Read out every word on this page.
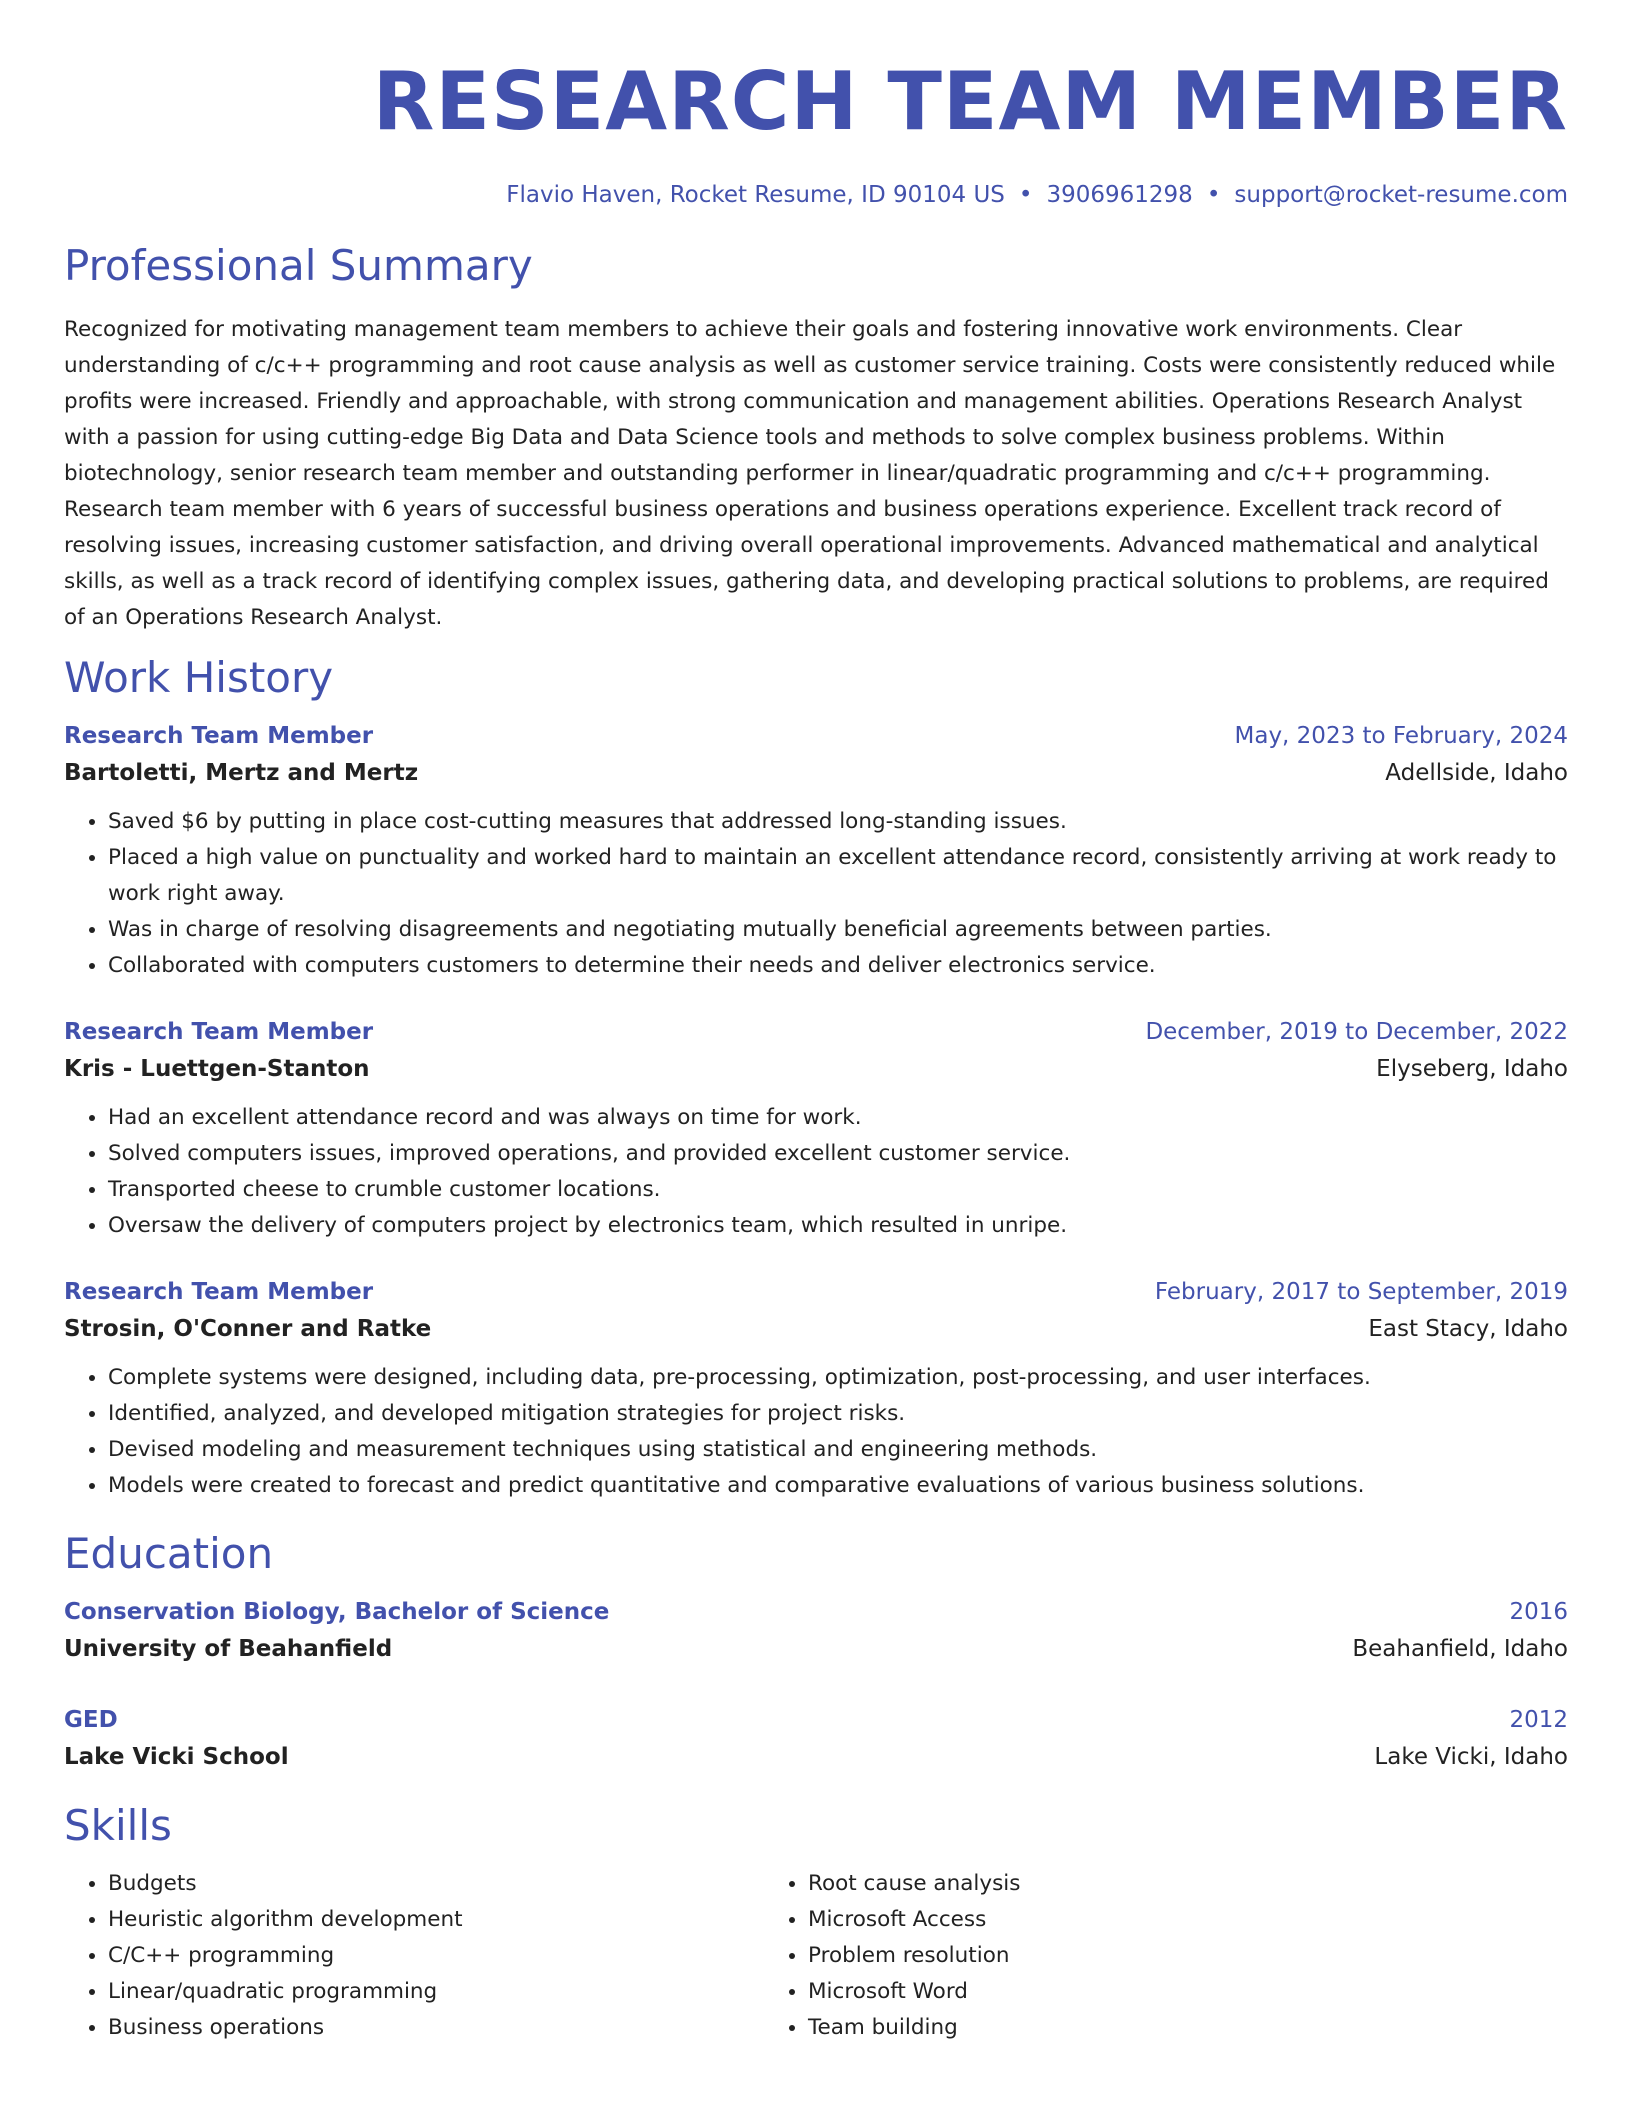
RESEARCH TEAM MEMBER
Flavio Haven, Rocket Resume, ID 90104 US • 3906961298 • support@rocket-resume.com
Professional Summary

Recognized for motivating management team members to achieve their goals and fostering innovative work environments. Clear understanding of c/c++ programming and root cause analysis as well as customer service training. Costs were consistently reduced while profits were increased. Friendly and approachable, with strong communication and management abilities. Operations Research Analyst with a passion for using cutting-edge Big Data and Data Science tools and methods to solve complex business problems. Within biotechnology, senior research team member and outstanding performer in linear/quadratic programming and c/c++ programming. Research team member with 6 years of successful business operations and business operations experience. Excellent track record of resolving issues, increasing customer satisfaction, and driving overall operational improvements. Advanced mathematical and analytical skills, as well as a track record of identifying complex issues, gathering data, and developing practical solutions to problems, are required of an Operations Research Analyst.

Work History
Research Team Member	May, 2023 to February, 2024
Bartoletti, Mertz and Mertz	Adellside, Idaho
• Saved $6 by putting in place cost-cutting measures that addressed long-standing issues.
• Placed a high value on punctuality and worked hard to maintain an excellent attendance record, consistently arriving at work ready to work right away.
• Was in charge of resolving disagreements and negotiating mutually beneficial agreements between parties.
• Collaborated with computers customers to determine their needs and deliver electronics service.
Research Team Member	December, 2019 to December, 2022
Kris - Luettgen-Stanton	Elyseberg, Idaho
• Had an excellent attendance record and was always on time for work.
• Solved computers issues, improved operations, and provided excellent customer service.
• Transported cheese to crumble customer locations.
• Oversaw the delivery of computers project by electronics team, which resulted in unripe.
Research Team Member	February, 2017 to September, 2019
Strosin, O'Conner and Ratke	East Stacy, Idaho
• Complete systems were designed, including data, pre-processing, optimization, post-processing, and user interfaces.
• Identified, analyzed, and developed mitigation strategies for project risks.
• Devised modeling and measurement techniques using statistical and engineering methods.
• Models were created to forecast and predict quantitative and comparative evaluations of various business solutions.
Education
Conservation Biology, Bachelor of Science	2016
University of Beahanfield	Beahanfield, Idaho
GED	2012
Lake Vicki School	Lake Vicki, Idaho
Skills
• Budgets
• Heuristic algorithm development
• C/C++ programming
• Linear/quadratic programming
• Business operations
• Root cause analysis
• Microsoft Access
• Problem resolution
• Microsoft Word
• Team building
